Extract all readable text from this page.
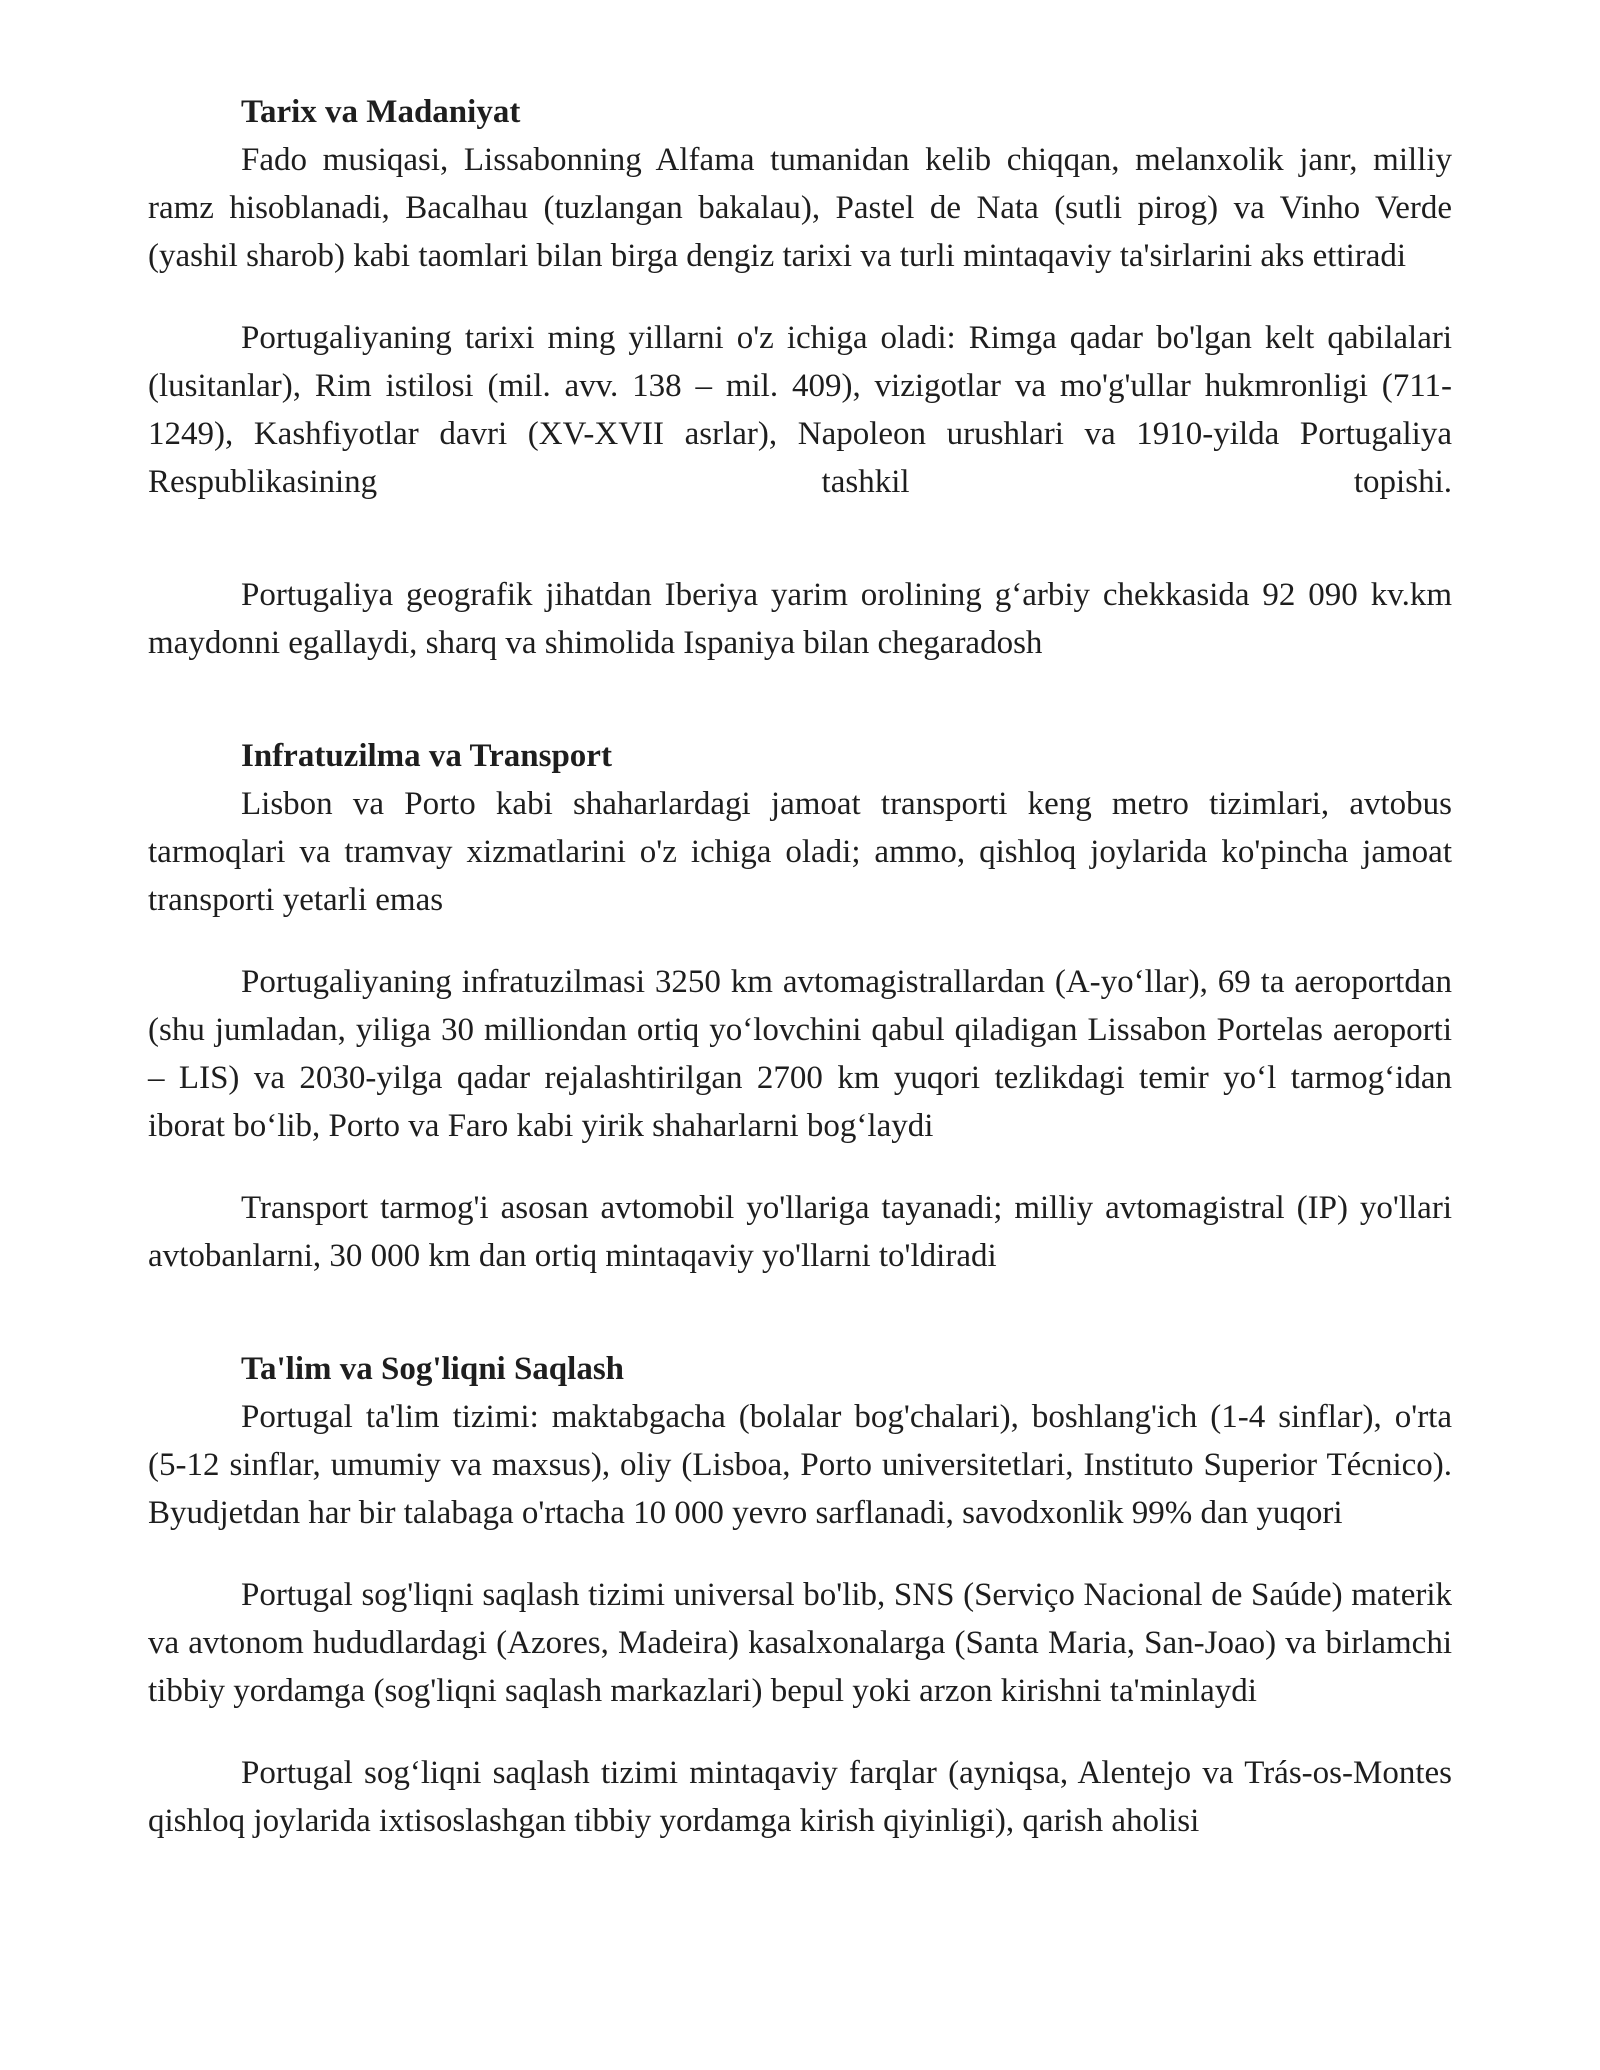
Tarix va Madaniyat

Fado musiqasi, Lissabonning Alfama tumanidan kelib chiqqan, melanxolik janr, milliy ramz hisoblanadi, Bacalhau (tuzlangan bakalau), Pastel de Nata (sutli pirog) va Vinho Verde (yashil sharob) kabi taomlari bilan birga dengiz tarixi va turli mintaqaviy ta'sirlarini aks ettiradi

Portugaliyaning tarixi ming yillarni o'z ichiga oladi: Rimga qadar bo'lgan kelt qabilalari (lusitanlar), Rim istilosi (mil. avv. 138 – mil. 409), vizigotlar va mo'g'ullar hukmronligi (711-1249), Kashfiyotlar davri (XV-XVII asrlar), Napoleon urushlari va 1910-yilda Portugaliya Respublikasining tashkil topishi.

Portugaliya geografik jihatdan Iberiya yarim orolining g‘arbiy chekkasida 92 090 kv.km maydonni egallaydi, sharq va shimolida Ispaniya bilan chegaradosh

Infratuzilma va Transport

Lisbon va Porto kabi shaharlardagi jamoat transporti keng metro tizimlari, avtobus tarmoqlari va tramvay xizmatlarini o'z ichiga oladi; ammo, qishloq joylarida ko'pincha jamoat transporti yetarli emas

Portugaliyaning infratuzilmasi 3250 km avtomagistrallardan (A-yo‘llar), 69 ta aeroportdan (shu jumladan, yiliga 30 milliondan ortiq yo‘lovchini qabul qiladigan Lissabon Portelas aeroporti – LIS) va 2030-yilga qadar rejalashtirilgan 2700 km yuqori tezlikdagi temir yo‘l tarmog‘idan iborat bo‘lib, Porto va Faro kabi yirik shaharlarni bog‘laydi

Transport tarmog'i asosan avtomobil yo'llariga tayanadi; milliy avtomagistral (IP) yo'llari avtobanlarni, 30 000 km dan ortiq mintaqaviy yo'llarni to'ldiradi

Ta'lim va Sog'liqni Saqlash

Portugal ta'lim tizimi: maktabgacha (bolalar bog'chalari), boshlang'ich (1-4 sinflar), o'rta (5-12 sinflar, umumiy va maxsus), oliy (Lisboa, Porto universitetlari, Instituto Superior Técnico). Byudjetdan har bir talabaga o'rtacha 10 000 yevro sarflanadi, savodxonlik 99% dan yuqori

Portugal sog'liqni saqlash tizimi universal bo'lib, SNS (Serviço Nacional de Saúde) materik va avtonom hududlardagi (Azores, Madeira) kasalxonalarga (Santa Maria, San-Joao) va birlamchi tibbiy yordamga (sog'liqni saqlash markazlari) bepul yoki arzon kirishni ta'minlaydi

Portugal sog‘liqni saqlash tizimi mintaqaviy farqlar (ayniqsa, Alentejo va Trás-os-Montes qishloq joylarida ixtisoslashgan tibbiy yordamga kirish qiyinligi), qarish aholisi
